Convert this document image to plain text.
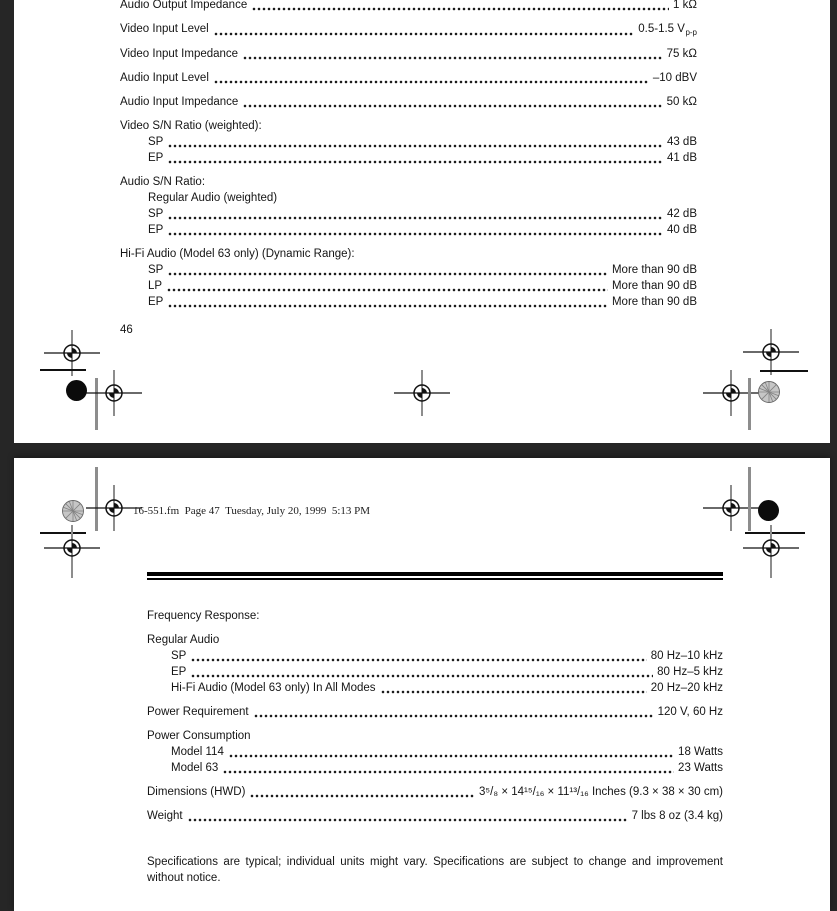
Audio Output Impedance	1 kΩ
Video Input Level	0.5-1.5 $V_{p-p}$
Video Input Impedance	75 kΩ
Audio Input Level	–10 dBV
Audio Input Impedance	50 kΩ
Video S/N Ratio (weighted):
SP	43 dB
EP	41 dB
Audio S/N Ratio:
Regular Audio (weighted)
SP	42 dB
EP	40 dB
Hi-Fi Audio (Model 63 only) (Dynamic Range):
SP	More than 90 dB
LP	More than 90 dB
EP	More than 90 dB
46
16-551.fm  Page 47  Tuesday, July 20, 1999  5:13 PM
Frequency Response:
Regular Audio
SP	80 Hz–10 kHz
EP	80 Hz–5 kHz
Hi-Fi Audio (Model 63 only) In All Modes	20 Hz–20 kHz
Power Requirement	120 V, 60 Hz
Power Consumption
Model 114	18 Watts
Model 63	23 Watts
Dimensions (HWD)	3⁵/₈ × 14¹⁵/₁₆ × 11¹³/₁₆ Inches (9.3 × 38 × 30 cm)
Weight	7 lbs 8 oz (3.4 kg)
Specifications are typical; individual units might vary. Specifications are subject to change and improvement without notice.
